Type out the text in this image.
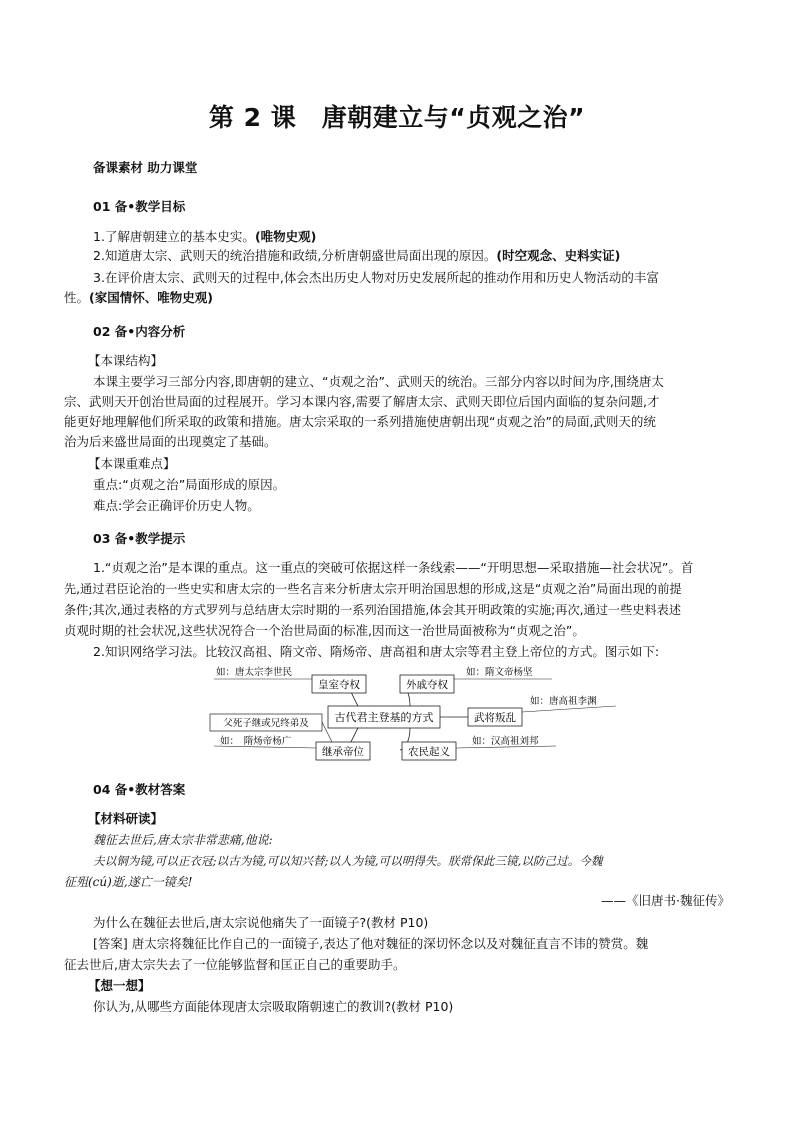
第 2 课　唐朝建立与“贞观之治”
备课素材 助力课堂
01 备•教学目标
1.了解唐朝建立的基本史实。(唯物史观)
2.知道唐太宗、武则天的统治措施和政绩,分析唐朝盛世局面出现的原因。(时空观念、史料实证)
3.在评价唐太宗、武则天的过程中,体会杰出历史人物对历史发展所起的推动作用和历史人物活动的丰富
性。(家国情怀、唯物史观)
02 备•内容分析
【本课结构】
本课主要学习三部分内容,即唐朝的建立、“贞观之治”、武则天的统治。三部分内容以时间为序,围绕唐太
宗、武则天开创治世局面的过程展开。学习本课内容,需要了解唐太宗、武则天即位后国内面临的复杂问题,才
能更好地理解他们所采取的政策和措施。唐太宗采取的一系列措施使唐朝出现“贞观之治”的局面,武则天的统
治为后来盛世局面的出现奠定了基础。
【本课重难点】
重点:“贞观之治”局面形成的原因。
难点:学会正确评价历史人物。
03 备•教学提示
1.“贞观之治”是本课的重点。这一重点的突破可依据这样一条线索——“开明思想—采取措施—社会状况”。首
先,通过君臣论治的一些史实和唐太宗的一些名言来分析唐太宗开明治国思想的形成,这是“贞观之治”局面出现的前提
条件;其次,通过表格的方式罗列与总结唐太宗时期的一系列治国措施,体会其开明政策的实施;再次,通过一些史料表述
贞观时期的社会状况,这些状况符合一个治世局面的标准,因而这一治世局面被称为“贞观之治”。
2.知识网络学习法。比较汉高祖、隋文帝、隋炀帝、唐高祖和唐太宗等君主登上帝位的方式。图示如下:
古代君主登基的方式
皇室夺权
如：唐太宗李世民
外戚夺权
如：隋文帝杨坚
武将叛乱
如：唐高祖李渊
继承帝位
如：　隋炀帝杨广
父死子继或兄终弟及
农民起义
如：汉高祖刘邦
04 备•教材答案
【材料研读】
魏征去世后,唐太宗非常悲痛,他说:
夫以铜为镜,可以正衣冠;以古为镜,可以知兴替;以人为镜,可以明得失。朕常保此三镜,以防己过。今魏
征殂(cú)逝,遂亡一镜矣!
——《旧唐书·魏征传》
为什么在魏征去世后,唐太宗说他痛失了一面镜子?(教材 P10)
[答案] 唐太宗将魏征比作自己的一面镜子,表达了他对魏征的深切怀念以及对魏征直言不讳的赞赏。魏
征去世后,唐太宗失去了一位能够监督和匡正自己的重要助手。
【想一想】
你认为,从哪些方面能体现唐太宗吸取隋朝速亡的教训?(教材 P10)
